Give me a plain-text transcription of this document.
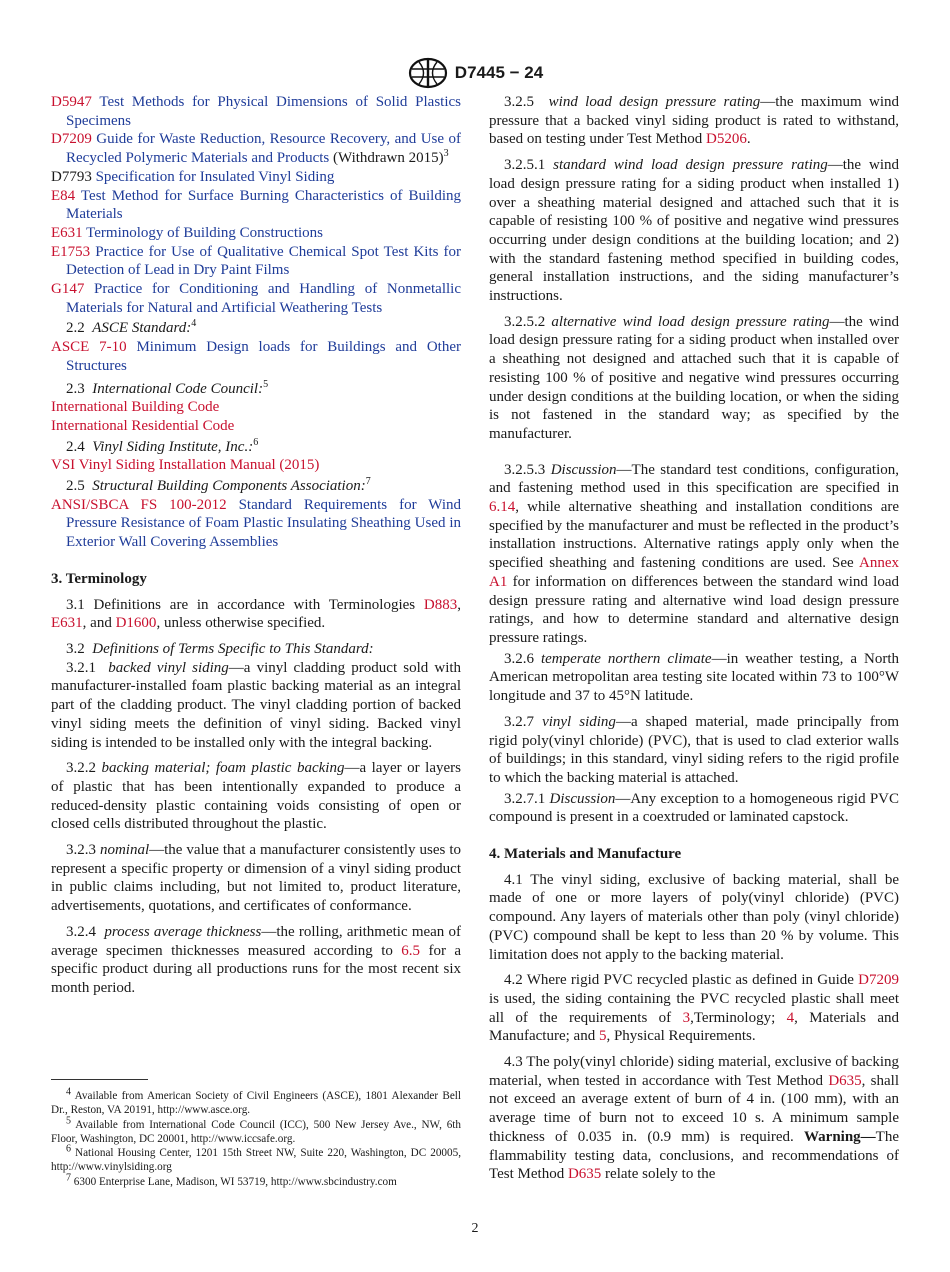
D7445 − 24

D5947 Test Methods for Physical Dimensions of Solid Plastics Specimens

D7209 Guide for Waste Reduction, Resource Recovery, and Use of Recycled Polymeric Materials and Products (Withdrawn 2015)$^3$

D7793 Specification for Insulated Vinyl Siding

E84 Test Method for Surface Burning Characteristics of Building Materials

E631 Terminology of Building Constructions

E1753 Practice for Use of Qualitative Chemical Spot Test Kits for Detection of Lead in Dry Paint Films

G147 Practice for Conditioning and Handling of Nonmetallic Materials for Natural and Artificial Weathering Tests

2.2 ASCE Standard:$^4$

ASCE 7-10 Minimum Design loads for Buildings and Other Structures

2.3 International Code Council:$^5$

International Building Code

International Residential Code

2.4 Vinyl Siding Institute, Inc.:$^6$

VSI Vinyl Siding Installation Manual (2015)

2.5 Structural Building Components Association:$^7$

ANSI/SBCA FS 100-2012 Standard Requirements for Wind Pressure Resistance of Foam Plastic Insulating Sheathing Used in Exterior Wall Covering Assemblies

3. Terminology

3.1 Definitions are in accordance with Terminologies D883, E631, and D1600, unless otherwise specified.

3.2 Definitions of Terms Specific to This Standard:

3.2.1 backed vinyl siding—a vinyl cladding product sold with manufacturer-installed foam plastic backing material as an integral part of the cladding product. The vinyl cladding portion of backed vinyl siding meets the definition of vinyl siding. Backed vinyl siding is intended to be installed only with the integral backing.

3.2.2 backing material; foam plastic backing—a layer or layers of plastic that has been intentionally expanded to produce a reduced-density plastic containing voids consisting of open or closed cells distributed throughout the plastic.

3.2.3 nominal—the value that a manufacturer consistently uses to represent a specific property or dimension of a vinyl siding product in public claims including, but not limited to, product literature, advertisements, quotations, and certificates of conformance.

3.2.4 process average thickness—the rolling, arithmetic mean of average specimen thicknesses measured according to 6.5 for a specific product during all productions runs for the most recent six month period.

$^4$ Available from American Society of Civil Engineers (ASCE), 1801 Alexander Bell Dr., Reston, VA 20191, http://www.asce.org.

$^5$ Available from International Code Council (ICC), 500 New Jersey Ave., NW, 6th Floor, Washington, DC 20001, http://www.iccsafe.org.

$^6$ National Housing Center, 1201 15th Street NW, Suite 220, Washington, DC 20005, http://www.vinylsiding.org

$^7$ 6300 Enterprise Lane, Madison, WI 53719, http://www.sbcindustry.com

3.2.5 wind load design pressure rating—the maximum wind pressure that a backed vinyl siding product is rated to withstand, based on testing under Test Method D5206.

3.2.5.1 standard wind load design pressure rating—the wind load design pressure rating for a siding product when installed 1) over a sheathing material designed and attached such that it is capable of resisting 100 % of positive and negative wind pressures occurring under design conditions at the building location; and 2) with the standard fastening method specified in building codes, general installation instructions, and the siding manufacturer’s instructions.

3.2.5.2 alternative wind load design pressure rating—the wind load design pressure rating for a siding product when installed over a sheathing not designed and attached such that it is capable of resisting 100 % of positive and negative wind pressures occurring under design conditions at the building location, or when the siding is not fastened in the standard way; as specified by the manufacturer.

3.2.5.3 Discussion—The standard test conditions, configuration, and fastening method used in this specification are specified in 6.14, while alternative sheathing and installation conditions are specified by the manufacturer and must be reflected in the product’s installation instructions. Alternative ratings apply only when the specified sheathing and fastening conditions are used. See Annex A1 for information on differences between the standard wind load design pressure rating and alternative wind load design pressure ratings, and how to determine standard and alternative design pressure ratings.

3.2.6 temperate northern climate—in weather testing, a North American metropolitan area testing site located within 73 to 100°W longitude and 37 to 45°N latitude.

3.2.7 vinyl siding—a shaped material, made principally from rigid poly(vinyl chloride) (PVC), that is used to clad exterior walls of buildings; in this standard, vinyl siding refers to the rigid profile to which the backing material is attached.

3.2.7.1 Discussion—Any exception to a homogeneous rigid PVC compound is present in a coextruded or laminated capstock.

4. Materials and Manufacture

4.1 The vinyl siding, exclusive of backing material, shall be made of one or more layers of poly(vinyl chloride) (PVC) compound. Any layers of materials other than poly (vinyl chloride) (PVC) compound shall be kept to less than 20 % by volume. This limitation does not apply to the backing material.

4.2 Where rigid PVC recycled plastic as defined in Guide D7209 is used, the siding containing the PVC recycled plastic shall meet all of the requirements of 3,Terminology; 4, Materials and Manufacture; and 5, Physical Requirements.

4.3 The poly(vinyl chloride) siding material, exclusive of backing material, when tested in accordance with Test Method D635, shall not exceed an average extent of burn of 4 in. (100 mm), with an average time of burn not to exceed 10 s. A minimum sample thickness of 0.035 in. (0.9 mm) is required. Warning—The flammability testing data, conclusions, and recommendations of Test Method D635 relate solely to the

2
